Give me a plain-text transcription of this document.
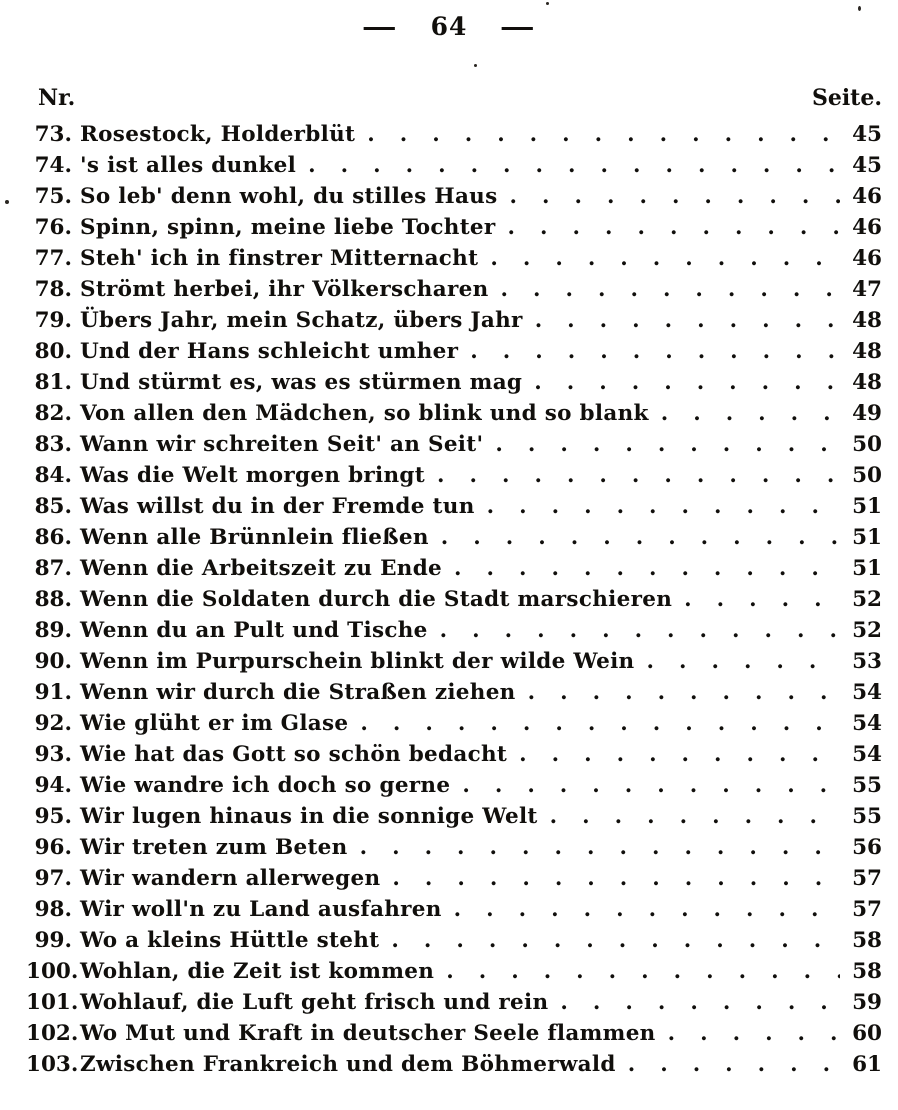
— 64 —
Nr.	Seite.
73. Rosestock, Holderblüt .....	45
74. 's ist alles dunkel .....	45
75. So leb' denn wohl, du stilles Haus .....	46
76. Spinn, spinn, meine liebe Tochter .....	46
77. Steh' ich in finstrer Mitternacht .....	46
78. Strömt herbei, ihr Völkerscharen .....	47
79. Übers Jahr, mein Schatz, übers Jahr .....	48
80. Und der Hans schleicht umher .....	48
81. Und stürmt es, was es stürmen mag .....	48
82. Von allen den Mädchen, so blink und so blank .....	49
83. Wann wir schreiten Seit' an Seit' .....	50
84. Was die Welt morgen bringt .....	50
85. Was willst du in der Fremde tun .....	51
86. Wenn alle Brünnlein fließen .....	51
87. Wenn die Arbeitszeit zu Ende .....	51
88. Wenn die Soldaten durch die Stadt marschieren .....	52
89. Wenn du an Pult und Tische .....	52
90. Wenn im Purpurschein blinkt der wilde Wein .....	53
91. Wenn wir durch die Straßen ziehen .....	54
92. Wie glüht er im Glase .....	54
93. Wie hat das Gott so schön bedacht .....	54
94. Wie wandre ich doch so gerne .....	55
95. Wir lugen hinaus in die sonnige Welt .....	55
96. Wir treten zum Beten .....	56
97. Wir wandern allerwegen .....	57
98. Wir woll'n zu Land ausfahren .....	57
99. Wo a kleins Hüttle steht .....	58
100. Wohlan, die Zeit ist kommen .....	58
101. Wohlauf, die Luft geht frisch und rein .....	59
102. Wo Mut und Kraft in deutscher Seele flammen .....	60
103. Zwischen Frankreich und dem Böhmerwald .....	61
